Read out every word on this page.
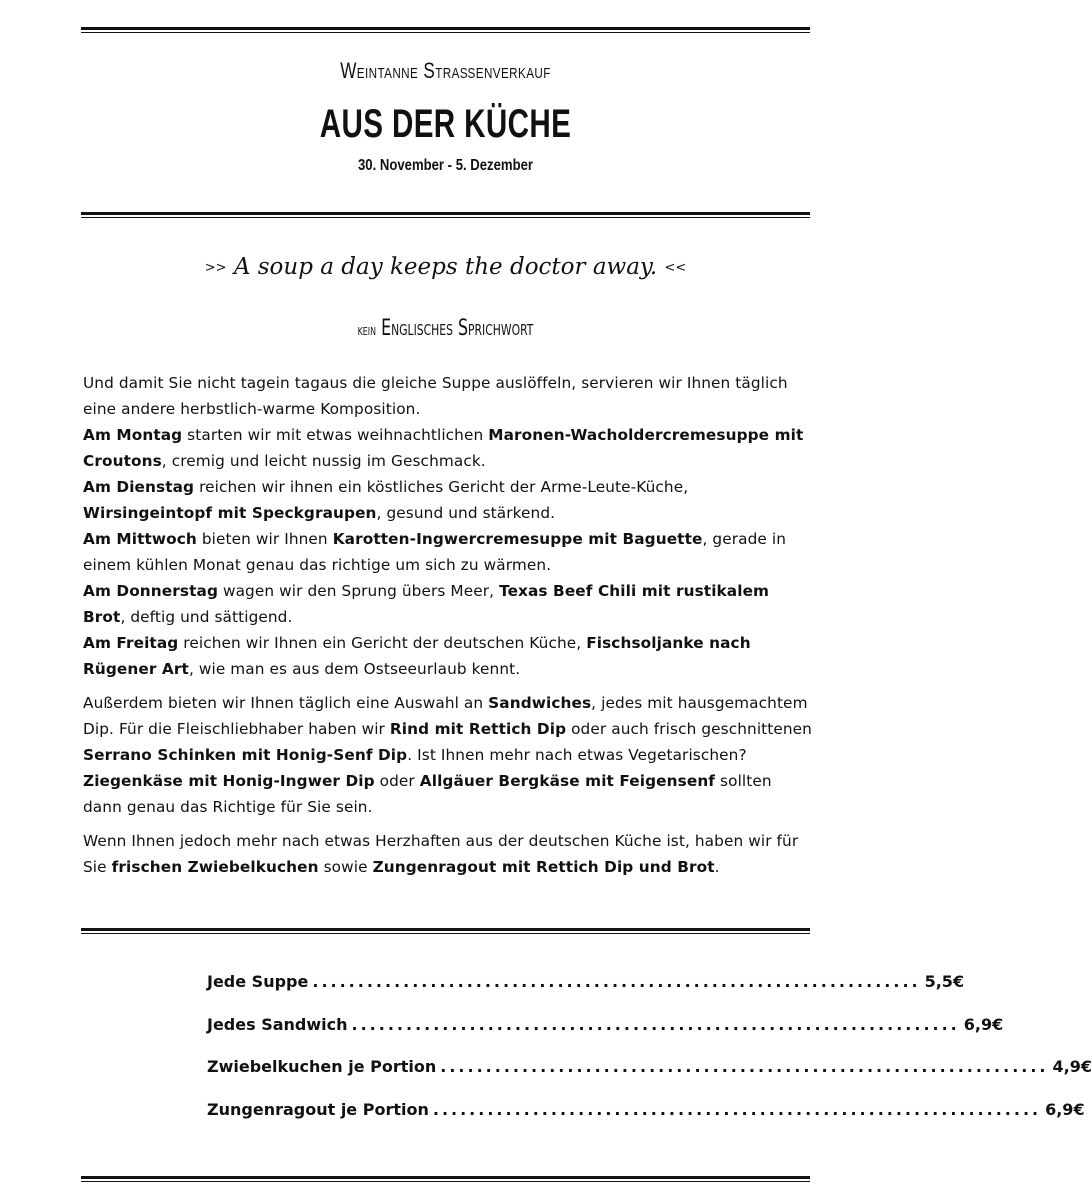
Weintanne Straßenverkauf
AUS DER KÜCHE
30. November - 5. Dezember
>> A soup a day keeps the doctor away. <<
kein Englisches Sprichwort

Und damit Sie nicht tagein tagaus die gleiche Suppe auslöffeln, servieren wir Ihnen täglich eine andere herbstlich-warme Komposition.
Am Montag starten wir mit etwas weihnachtlichen Maronen-Wacholdercremesuppe mit Croutons, cremig und leicht nussig im Geschmack.
Am Dienstag reichen wir ihnen ein köstliches Gericht der Arme-Leute-Küche, Wirsingeintopf mit Speckgraupen, gesund und stärkend.
Am Mittwoch bieten wir Ihnen Karotten-Ingwercremesuppe mit Baguette, gerade in einem kühlen Monat genau das richtige um sich zu wärmen.
Am Donnerstag wagen wir den Sprung übers Meer, Texas Beef Chili mit rustikalem Brot, deftig und sättigend.
Am Freitag reichen wir Ihnen ein Gericht der deutschen Küche, Fischsoljanke nach Rügener Art, wie man es aus dem Ostseeurlaub kennt.

Außerdem bieten wir Ihnen täglich eine Auswahl an Sandwiches, jedes mit hausgemachtem Dip. Für die Fleischliebhaber haben wir Rind mit Rettich Dip oder auch frisch geschnittenen Serrano Schinken mit Honig-Senf Dip. Ist Ihnen mehr nach etwas Vegetarischen? Ziegenkäse mit Honig-Ingwer Dip oder Allgäuer Bergkäse mit Feigensenf sollten dann genau das Richtige für Sie sein.

Wenn Ihnen jedoch mehr nach etwas Herzhaften aus der deutschen Küche ist, haben wir für Sie frischen Zwiebelkuchen sowie Zungenragout mit Rettich Dip und Brot.

Jede Suppe ................................................................... 5,5€
Jedes Sandwich ................................................................... 6,9€
Zwiebelkuchen je Portion ................................................................... 4,9€
Zungenragout je Portion ................................................................... 6,9€
